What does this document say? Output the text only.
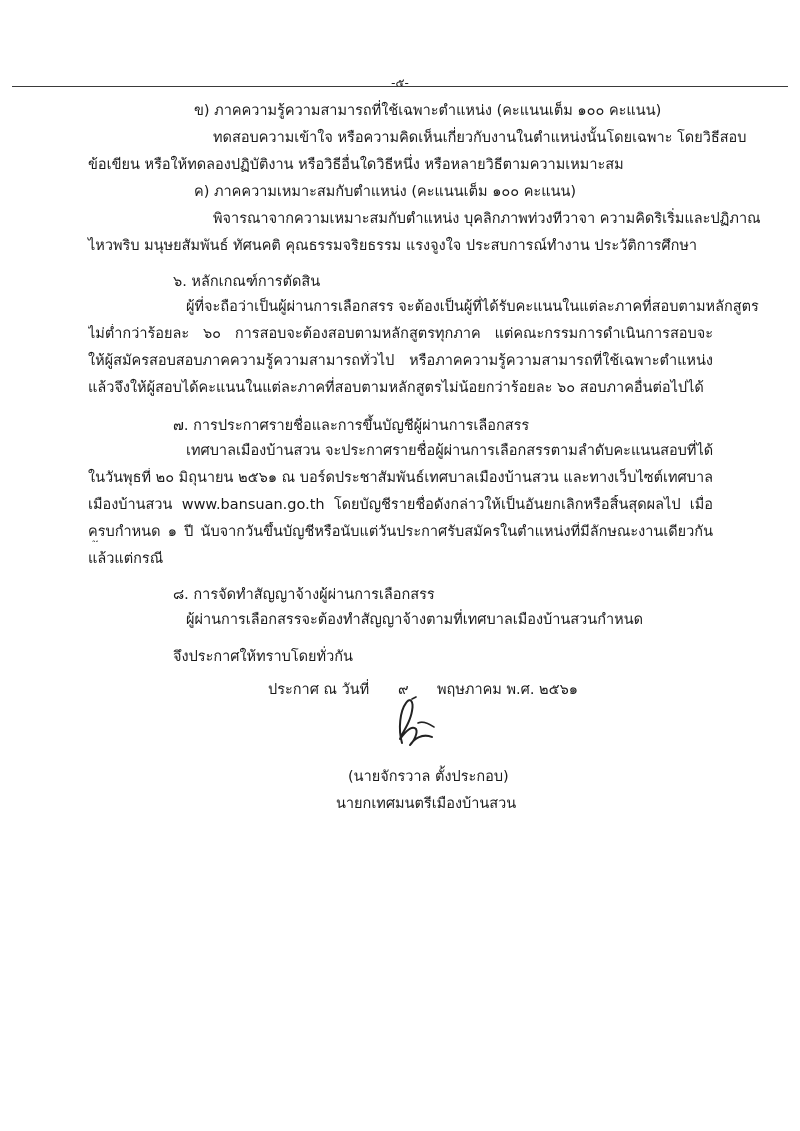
-๕-
ข) ภาคความรู้ความสามารถที่ใช้เฉพาะตำแหน่ง (คะแนนเต็ม ๑๐๐ คะแนน)
ทดสอบความเข้าใจ หรือความคิดเห็นเกี่ยวกับงานในตำแหน่งนั้นโดยเฉพาะ โดยวิธีสอบ
ข้อเขียน หรือให้ทดลองปฏิบัติงาน หรือวิธีอื่นใดวิธีหนึ่ง หรือหลายวิธีตามความเหมาะสม
ค) ภาคความเหมาะสมกับตำแหน่ง (คะแนนเต็ม ๑๐๐ คะแนน)
พิจารณาจากความเหมาะสมกับตำแหน่ง บุคลิกภาพท่วงทีวาจา ความคิดริเริ่มและปฏิภาณ
ไหวพริบ มนุษยสัมพันธ์ ทัศนคติ คุณธรรมจริยธรรม แรงจูงใจ ประสบการณ์ทำงาน ประวัติการศึกษา
๖. หลักเกณฑ์การตัดสิน
ผู้ที่จะถือว่าเป็นผู้ผ่านการเลือกสรร จะต้องเป็นผู้ที่ได้รับคะแนนในแต่ละภาคที่สอบตามหลักสูตร
ไม่ต่ำกว่าร้อยละ ๖๐ การสอบจะต้องสอบตามหลักสูตรทุกภาค แต่คณะกรรมการดำเนินการสอบจะ
ให้ผู้สมัครสอบสอบภาคความรู้ความสามารถทั่วไป หรือภาคความรู้ความสามารถที่ใช้เฉพาะตำแหน่ง
แล้วจึงให้ผู้สอบได้คะแนนในแต่ละภาคที่สอบตามหลักสูตรไม่น้อยกว่าร้อยละ ๖๐ สอบภาคอื่นต่อไปได้
๗. การประกาศรายชื่อและการขึ้นบัญชีผู้ผ่านการเลือกสรร
เทศบาลเมืองบ้านสวน จะประกาศรายชื่อผู้ผ่านการเลือกสรรตามลำดับคะแนนสอบที่ได้
ในวันพุธที่ ๒๐ มิถุนายน ๒๕๖๑ ณ บอร์ดประชาสัมพันธ์เทศบาลเมืองบ้านสวน และทางเว็บไซต์เทศบาล
เมืองบ้านสวน www.bansuan.go.th โดยบัญชีรายชื่อดังกล่าวให้เป็นอันยกเลิกหรือสิ้นสุดผลไป เมื่อ
ครบกำหนด ๑ ปี นับจากวันขึ้นบัญชีหรือนับแต่วันประกาศรับสมัครในตำแหน่งที่มีลักษณะงานเดียวกัน
แล้วแต่กรณี
๘. การจัดทำสัญญาจ้างผู้ผ่านการเลือกสรร
ผู้ผ่านการเลือกสรรจะต้องทำสัญญาจ้างตามที่เทศบาลเมืองบ้านสวนกำหนด
จึงประกาศให้ทราบโดยทั่วกัน
ประกาศ ณ วันที่ ๙ พฤษภาคม พ.ศ. ๒๕๖๑
(นายจักรวาล ตั้งประกอบ)
นายกเทศมนตรีเมืองบ้านสวน
